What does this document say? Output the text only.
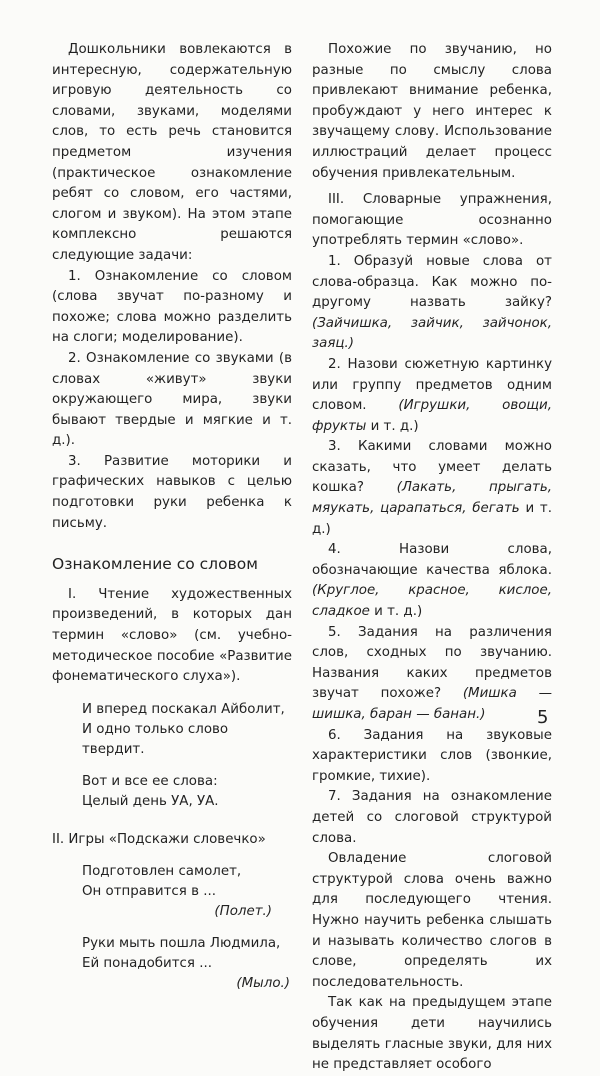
Дошкольники вовлекаются в интересную, содержательную игровую деятельность со словами, звуками, моделями слов, то есть речь становится предметом изучения (практическое ознакомление ребят со словом, его частями, слогом и звуком). На этом этапе комплексно решаются следующие задачи:

1. Ознакомление со словом (слова звучат по-разному и похоже; слова можно разделить на слоги; моделирование).

2. Ознакомление со звуками (в словах «живут» звуки окружающего мира, звуки бывают твердые и мягкие и т. д.).

3. Развитие моторики и графических навыков с целью подготовки руки ребенка к письму.

Ознакомление со словом

I. Чтение художественных произведений, в которых дан термин «слово» (см. учебно-методическое пособие «Развитие фонематического слуха»).

И вперед поскакал Айболит,
И одно только слово твердит.
Вот и все ее слова:
Целый день УА, УА.

II. Игры «Подскажи словечко»

Подготовлен самолет,
Он отправится в ...
(Полет.)
Руки мыть пошла Людмила,
Ей понадобится ...
(Мыло.)

Похожие по звучанию, но разные по смыслу слова привлекают внимание ребенка, пробуждают у него интерес к звучащему слову. Использование иллюстраций делает процесс обучения привлекательным.

III. Словарные упражнения, помогающие осознанно употреблять термин «слово».

1. Образуй новые слова от слова-образца. Как можно по-другому назвать зайку? (Зайчишка, зайчик, зайчонок, заяц.)

2. Назови сюжетную картинку или группу предметов одним словом. (Игрушки, овощи, фрукты и т. д.)

3. Какими словами можно сказать, что умеет делать кошка? (Лакать, прыгать, мяукать, царапаться, бегать и т. д.)

4. Назови слова, обозначающие качества яблока. (Круглое, красное, кислое, сладкое и т. д.)

5. Задания на различения слов, сходных по звучанию. Названия каких предметов звучат похоже? (Мишка — шишка, баран — банан.)

6. Задания на звуковые характеристики слов (звонкие, громкие, тихие).

7. Задания на ознакомление детей со слоговой структурой слова.

Овладение слоговой структурой слова очень важно для последующего чтения. Нужно научить ребенка слышать и называть количество слогов в слове, определять их последовательность.

Так как на предыдущем этапе обучения дети научились выделять гласные звуки, для них не представляет особого

5
